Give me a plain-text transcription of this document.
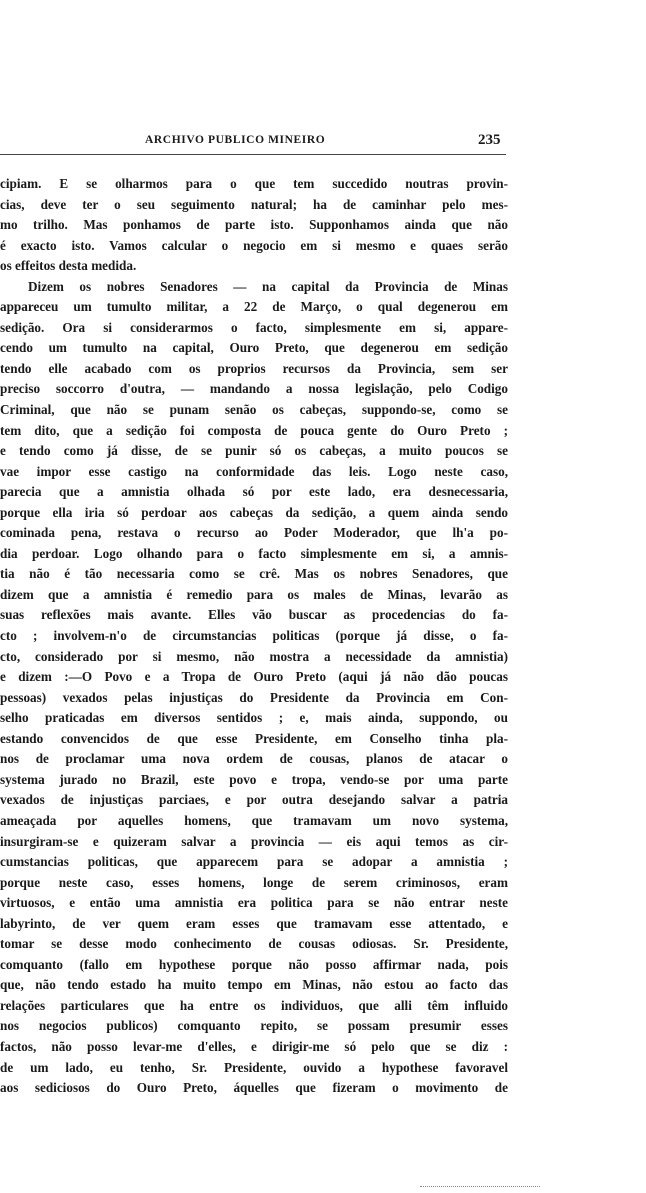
ARCHIVO PUBLICO MINEIRO	235
cipiam. E se olharmos para o que tem succedido noutras provin-
cias, deve ter o seu seguimento natural; ha de caminhar pelo mes-
mo trilho. Mas ponhamos de parte isto. Supponhamos ainda que não
é exacto isto. Vamos calcular o negocio em si mesmo e quaes serão
os effeitos desta medida.
Dizem os nobres Senadores — na capital da Provincia de Minas
appareceu um tumulto militar, a 22 de Março, o qual degenerou em
sedição. Ora si considerarmos o facto, simplesmente em si, appare-
cendo um tumulto na capital, Ouro Preto, que degenerou em sedição
tendo elle acabado com os proprios recursos da Provincia, sem ser
preciso soccorro d'outra, — mandando a nossa legislação, pelo Codigo
Criminal, que não se punam senão os cabeças, suppondo-se, como se
tem dito, que a sedição foi composta de pouca gente do Ouro Preto ;
e tendo como já disse, de se punir só os cabeças, a muito poucos se
vae impor esse castigo na conformidade das leis. Logo neste caso,
parecia que a amnistia olhada só por este lado, era desnecessaria,
porque ella iria só perdoar aos cabeças da sedição, a quem ainda sendo
cominada pena, restava o recurso ao Poder Moderador, que lh'a po-
dia perdoar. Logo olhando para o facto simplesmente em si, a amnis-
tia não é tão necessaria como se crê. Mas os nobres Senadores, que
dizem que a amnistia é remedio para os males de Minas, levarão as
suas reflexões mais avante. Elles vão buscar as procedencias do fa-
cto ; involvem-n'o de circumstancias politicas (porque já disse, o fa-
cto, considerado por si mesmo, não mostra a necessidade da amnistia)
e dizem :—O Povo e a Tropa de Ouro Preto (aqui já não dão poucas
pessoas) vexados pelas injustiças do Presidente da Provincia em Con-
selho praticadas em diversos sentidos ; e, mais ainda, suppondo, ou
estando convencidos de que esse Presidente, em Conselho tinha pla-
nos de proclamar uma nova ordem de cousas, planos de atacar o
systema jurado no Brazil, este povo e tropa, vendo-se por uma parte
vexados de injustiças parciaes, e por outra desejando salvar a patria
ameaçada por aquelles homens, que tramavam um novo systema,
insurgiram-se e quizeram salvar a provincia — eis aqui temos as cir-
cumstancias politicas, que apparecem para se adopar a amnistia ;
porque neste caso, esses homens, longe de serem criminosos, eram
virtuosos, e então uma amnistia era politica para se não entrar neste
labyrinto, de ver quem eram esses que tramavam esse attentado, e
tomar se desse modo conhecimento de cousas odiosas. Sr. Presidente,
comquanto (fallo em hypothese porque não posso affirmar nada, pois
que, não tendo estado ha muito tempo em Minas, não estou ao facto das
relações particulares que ha entre os individuos, que alli têm influido
nos negocios publicos) comquanto repito, se possam presumir esses
factos, não posso levar-me d'elles, e dirigir-me só pelo que se diz :
de um lado, eu tenho, Sr. Presidente, ouvido a hypothese favoravel
aos sediciosos do Ouro Preto, áquelles que fizeram o movimento de
